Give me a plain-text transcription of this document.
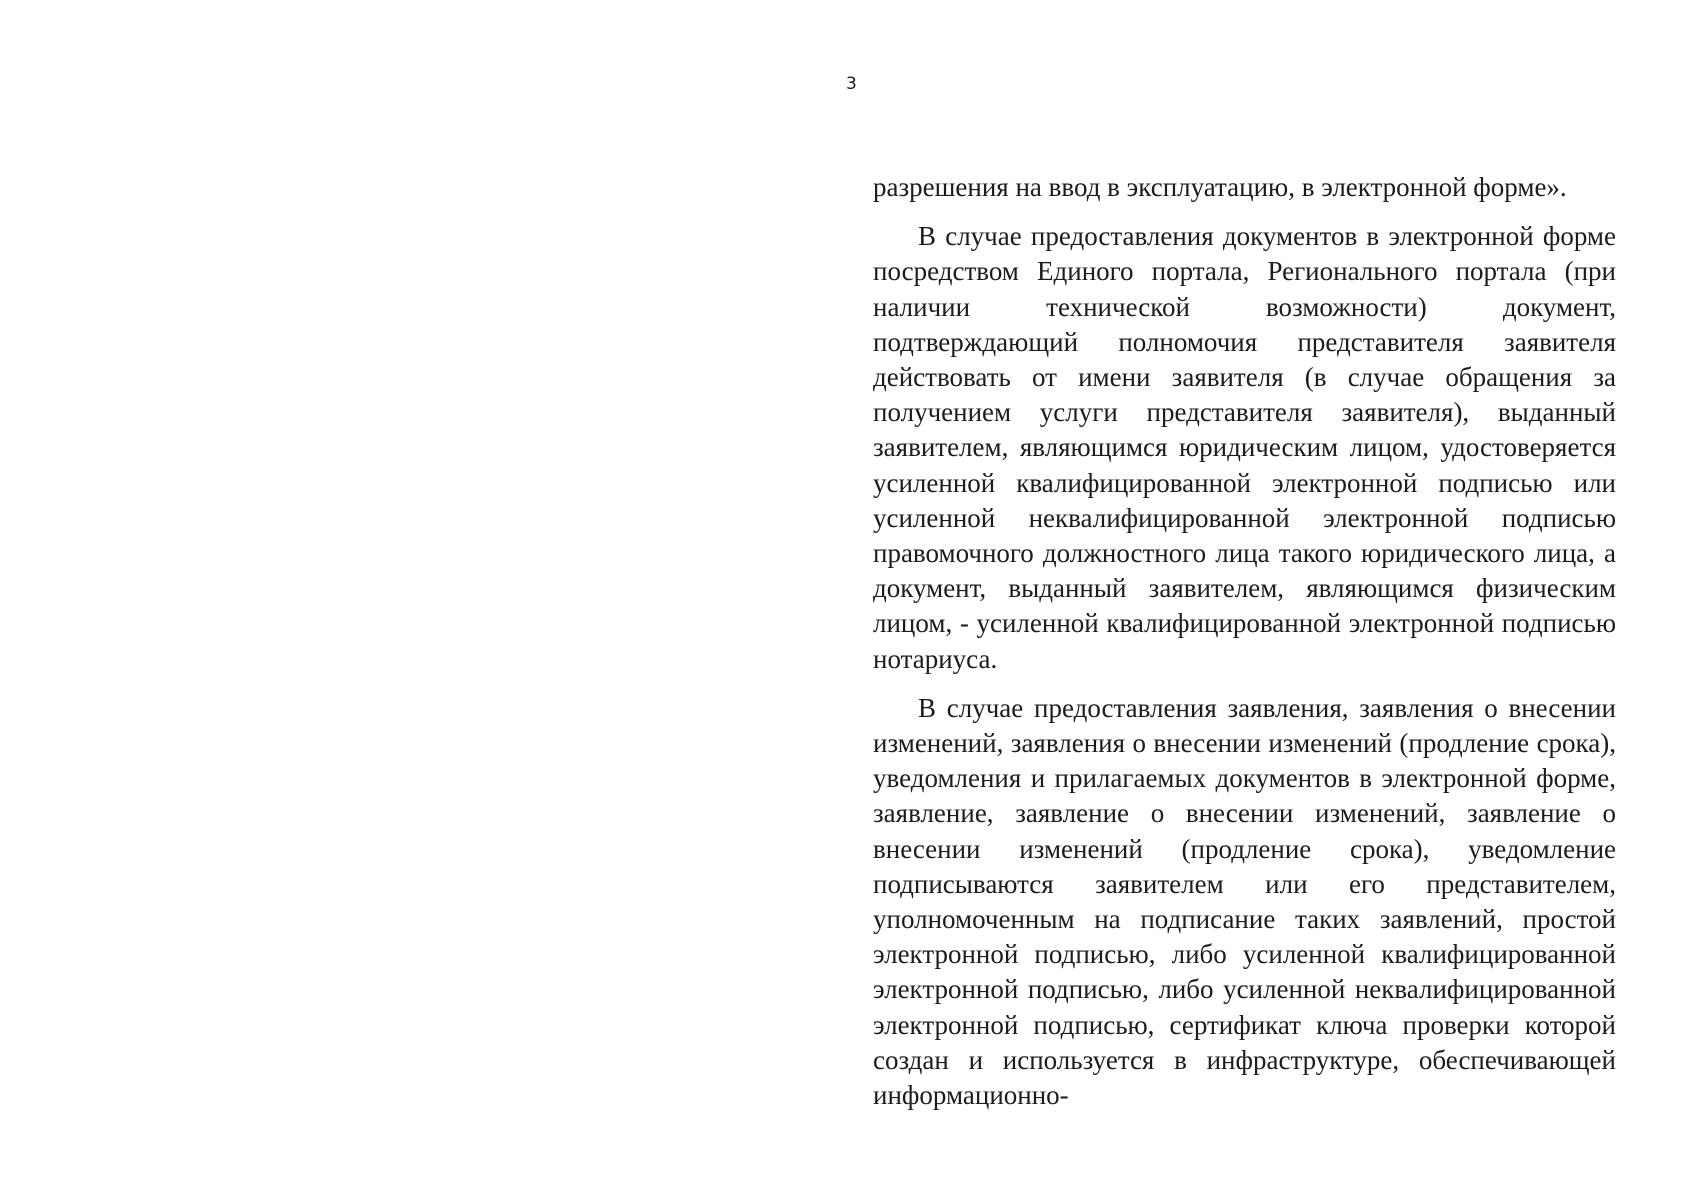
3

разрешения на ввод в эксплуатацию, в электронной форме».

В случае предоставления документов в электронной форме посредством Единого портала, Регионального портала (при наличии технической возможности) документ, подтверждающий полномочия представителя заявителя действовать от имени заявителя (в случае обращения за получением услуги представителя заявителя), выданный заявителем, являющимся юридическим лицом, удостоверяется усиленной квалифицированной электронной подписью или усиленной неквалифицированной электронной подписью правомочного должностного лица такого юридического лица, а документ, выданный заявителем, являющимся физическим лицом, - усиленной квалифицированной электронной подписью нотариуса.

В случае предоставления заявления, заявления о внесении изменений, заявления о внесении изменений (продление срока), уведомления и прилагаемых документов в электронной форме, заявление, заявление о внесении изменений, заявление о внесении изменений (продление срока), уведомление подписываются заявителем или его представителем, уполномоченным на подписание таких заявлений, простой электронной подписью, либо усиленной квалифицированной электронной подписью, либо усиленной неквалифицированной электронной подписью, сертификат ключа проверки которой создан и используется в инфраструктуре, обеспечивающей информационно-
